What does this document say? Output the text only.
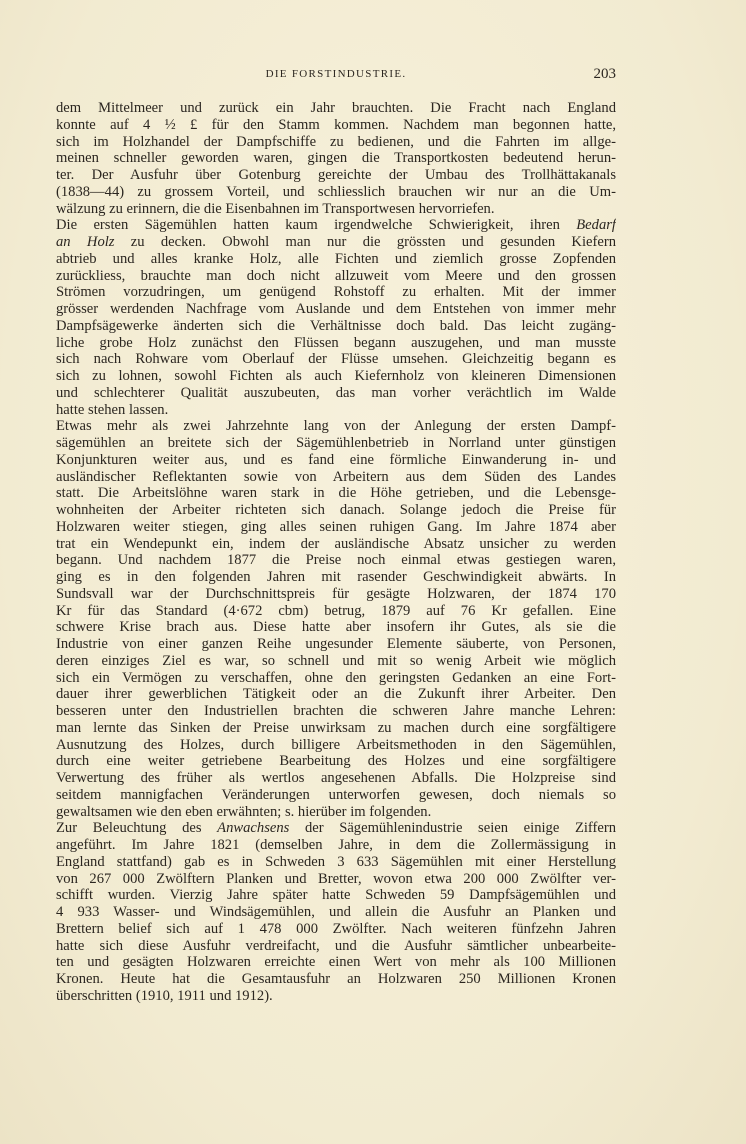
DIE FORSTINDUSTRIE.	203

dem Mittelmeer und zurück ein Jahr brauchten. Die Fracht nach England
konnte auf 4 ½ £ für den Stamm kommen. Nachdem man begonnen hatte,
sich im Holzhandel der Dampfschiffe zu bedienen, und die Fahrten im allge-
meinen schneller geworden waren, gingen die Transportkosten bedeutend herun-
ter. Der Ausfuhr über Gotenburg gereichte der Umbau des Trollhättakanals
(1838—44) zu grossem Vorteil, und schliesslich brauchen wir nur an die Um-
wälzung zu erinnern, die die Eisenbahnen im Transportwesen hervorriefen.

Die ersten Sägemühlen hatten kaum irgendwelche Schwierigkeit, ihren Bedarf
an Holz zu decken. Obwohl man nur die grössten und gesunden Kiefern
abtrieb und alles kranke Holz, alle Fichten und ziemlich grosse Zopfenden
zurückliess, brauchte man doch nicht allzuweit vom Meere und den grossen
Strömen vorzudringen, um genügend Rohstoff zu erhalten. Mit der immer
grösser werdenden Nachfrage vom Auslande und dem Entstehen von immer mehr
Dampfsägewerke änderten sich die Verhältnisse doch bald. Das leicht zugäng-
liche grobe Holz zunächst den Flüssen begann auszugehen, und man musste
sich nach Rohware vom Oberlauf der Flüsse umsehen. Gleichzeitig begann es
sich zu lohnen, sowohl Fichten als auch Kiefernholz von kleineren Dimensionen
und schlechterer Qualität auszubeuten, das man vorher verächtlich im Walde
hatte stehen lassen.

Etwas mehr als zwei Jahrzehnte lang von der Anlegung der ersten Dampf-
sägemühlen an breitete sich der Sägemühlenbetrieb in Norrland unter günstigen
Konjunkturen weiter aus, und es fand eine förmliche Einwanderung in- und
ausländischer Reflektanten sowie von Arbeitern aus dem Süden des Landes
statt. Die Arbeitslöhne waren stark in die Höhe getrieben, und die Lebensge-
wohnheiten der Arbeiter richteten sich danach. Solange jedoch die Preise für
Holzwaren weiter stiegen, ging alles seinen ruhigen Gang. Im Jahre 1874 aber
trat ein Wendepunkt ein, indem der ausländische Absatz unsicher zu werden
begann. Und nachdem 1877 die Preise noch einmal etwas gestiegen waren,
ging es in den folgenden Jahren mit rasender Geschwindigkeit abwärts. In
Sundsvall war der Durchschnittspreis für gesägte Holzwaren, der 1874 170
Kr für das Standard (4·672 cbm) betrug, 1879 auf 76 Kr gefallen. Eine
schwere Krise brach aus. Diese hatte aber insofern ihr Gutes, als sie die
Industrie von einer ganzen Reihe ungesunder Elemente säuberte, von Personen,
deren einziges Ziel es war, so schnell und mit so wenig Arbeit wie möglich
sich ein Vermögen zu verschaffen, ohne den geringsten Gedanken an eine Fort-
dauer ihrer gewerblichen Tätigkeit oder an die Zukunft ihrer Arbeiter. Den
besseren unter den Industriellen brachten die schweren Jahre manche Lehren:
man lernte das Sinken der Preise unwirksam zu machen durch eine sorgfältigere
Ausnutzung des Holzes, durch billigere Arbeitsmethoden in den Sägemühlen,
durch eine weiter getriebene Bearbeitung des Holzes und eine sorgfältigere
Verwertung des früher als wertlos angesehenen Abfalls. Die Holzpreise sind
seitdem mannigfachen Veränderungen unterworfen gewesen, doch niemals so
gewaltsamen wie den eben erwähnten; s. hierüber im folgenden.

Zur Beleuchtung des Anwachsens der Sägemühlenindustrie seien einige Ziffern
angeführt. Im Jahre 1821 (demselben Jahre, in dem die Zollermässigung in
England stattfand) gab es in Schweden 3 633 Sägemühlen mit einer Herstellung
von 267 000 Zwölftern Planken und Bretter, wovon etwa 200 000 Zwölfter ver-
schifft wurden. Vierzig Jahre später hatte Schweden 59 Dampfsägemühlen und
4 933 Wasser- und Windsägemühlen, und allein die Ausfuhr an Planken und
Brettern belief sich auf 1 478 000 Zwölfter. Nach weiteren fünfzehn Jahren
hatte sich diese Ausfuhr verdreifacht, und die Ausfuhr sämtlicher unbearbeite-
ten und gesägten Holzwaren erreichte einen Wert von mehr als 100 Millionen
Kronen. Heute hat die Gesamtausfuhr an Holzwaren 250 Millionen Kronen
überschritten (1910, 1911 und 1912).
